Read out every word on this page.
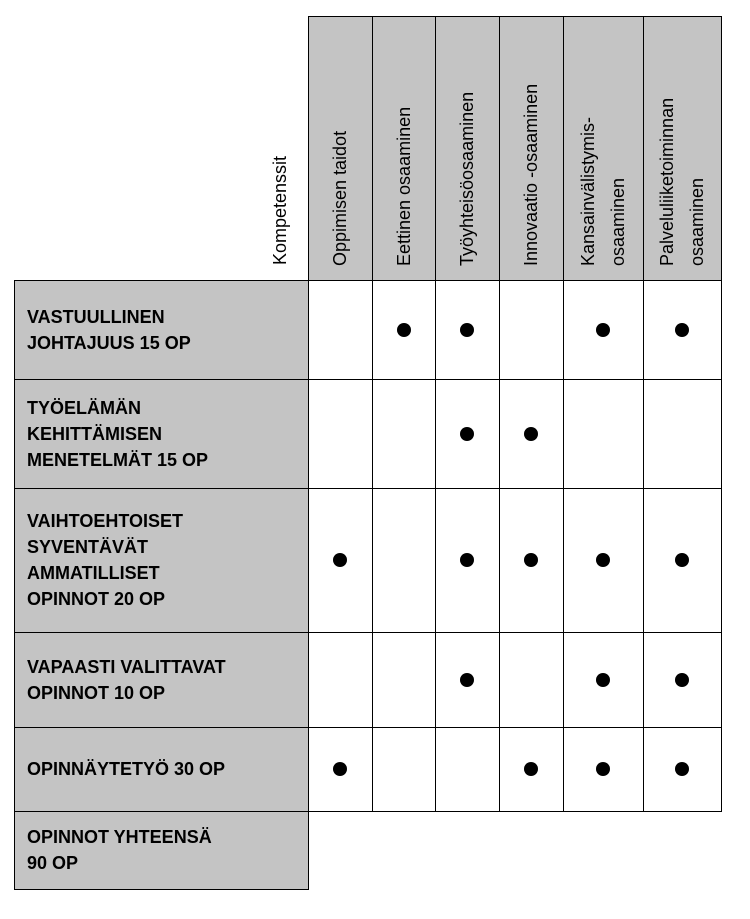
Kompetenssit Oppimisen taidot Eettinen osaaminen Työyhteisöosaaminen Innovaatio -osaaminen Kansainvälistymis- osaaminen Palveluliiketoiminnan osaaminen
VASTUULLINEN
JOHTAJUUS 15 OP
TYÖELÄMÄN
KEHITTÄMISEN
MENETELMÄT 15 OP
VAIHTOEHTOISET
SYVENTÄVÄT
AMMATILLISET
OPINNOT 20 OP
VAPAASTI VALITTAVAT
OPINNOT 10 OP
OPINNÄYTETYÖ 30 OP
OPINNOT YHTEENSÄ
90 OP
